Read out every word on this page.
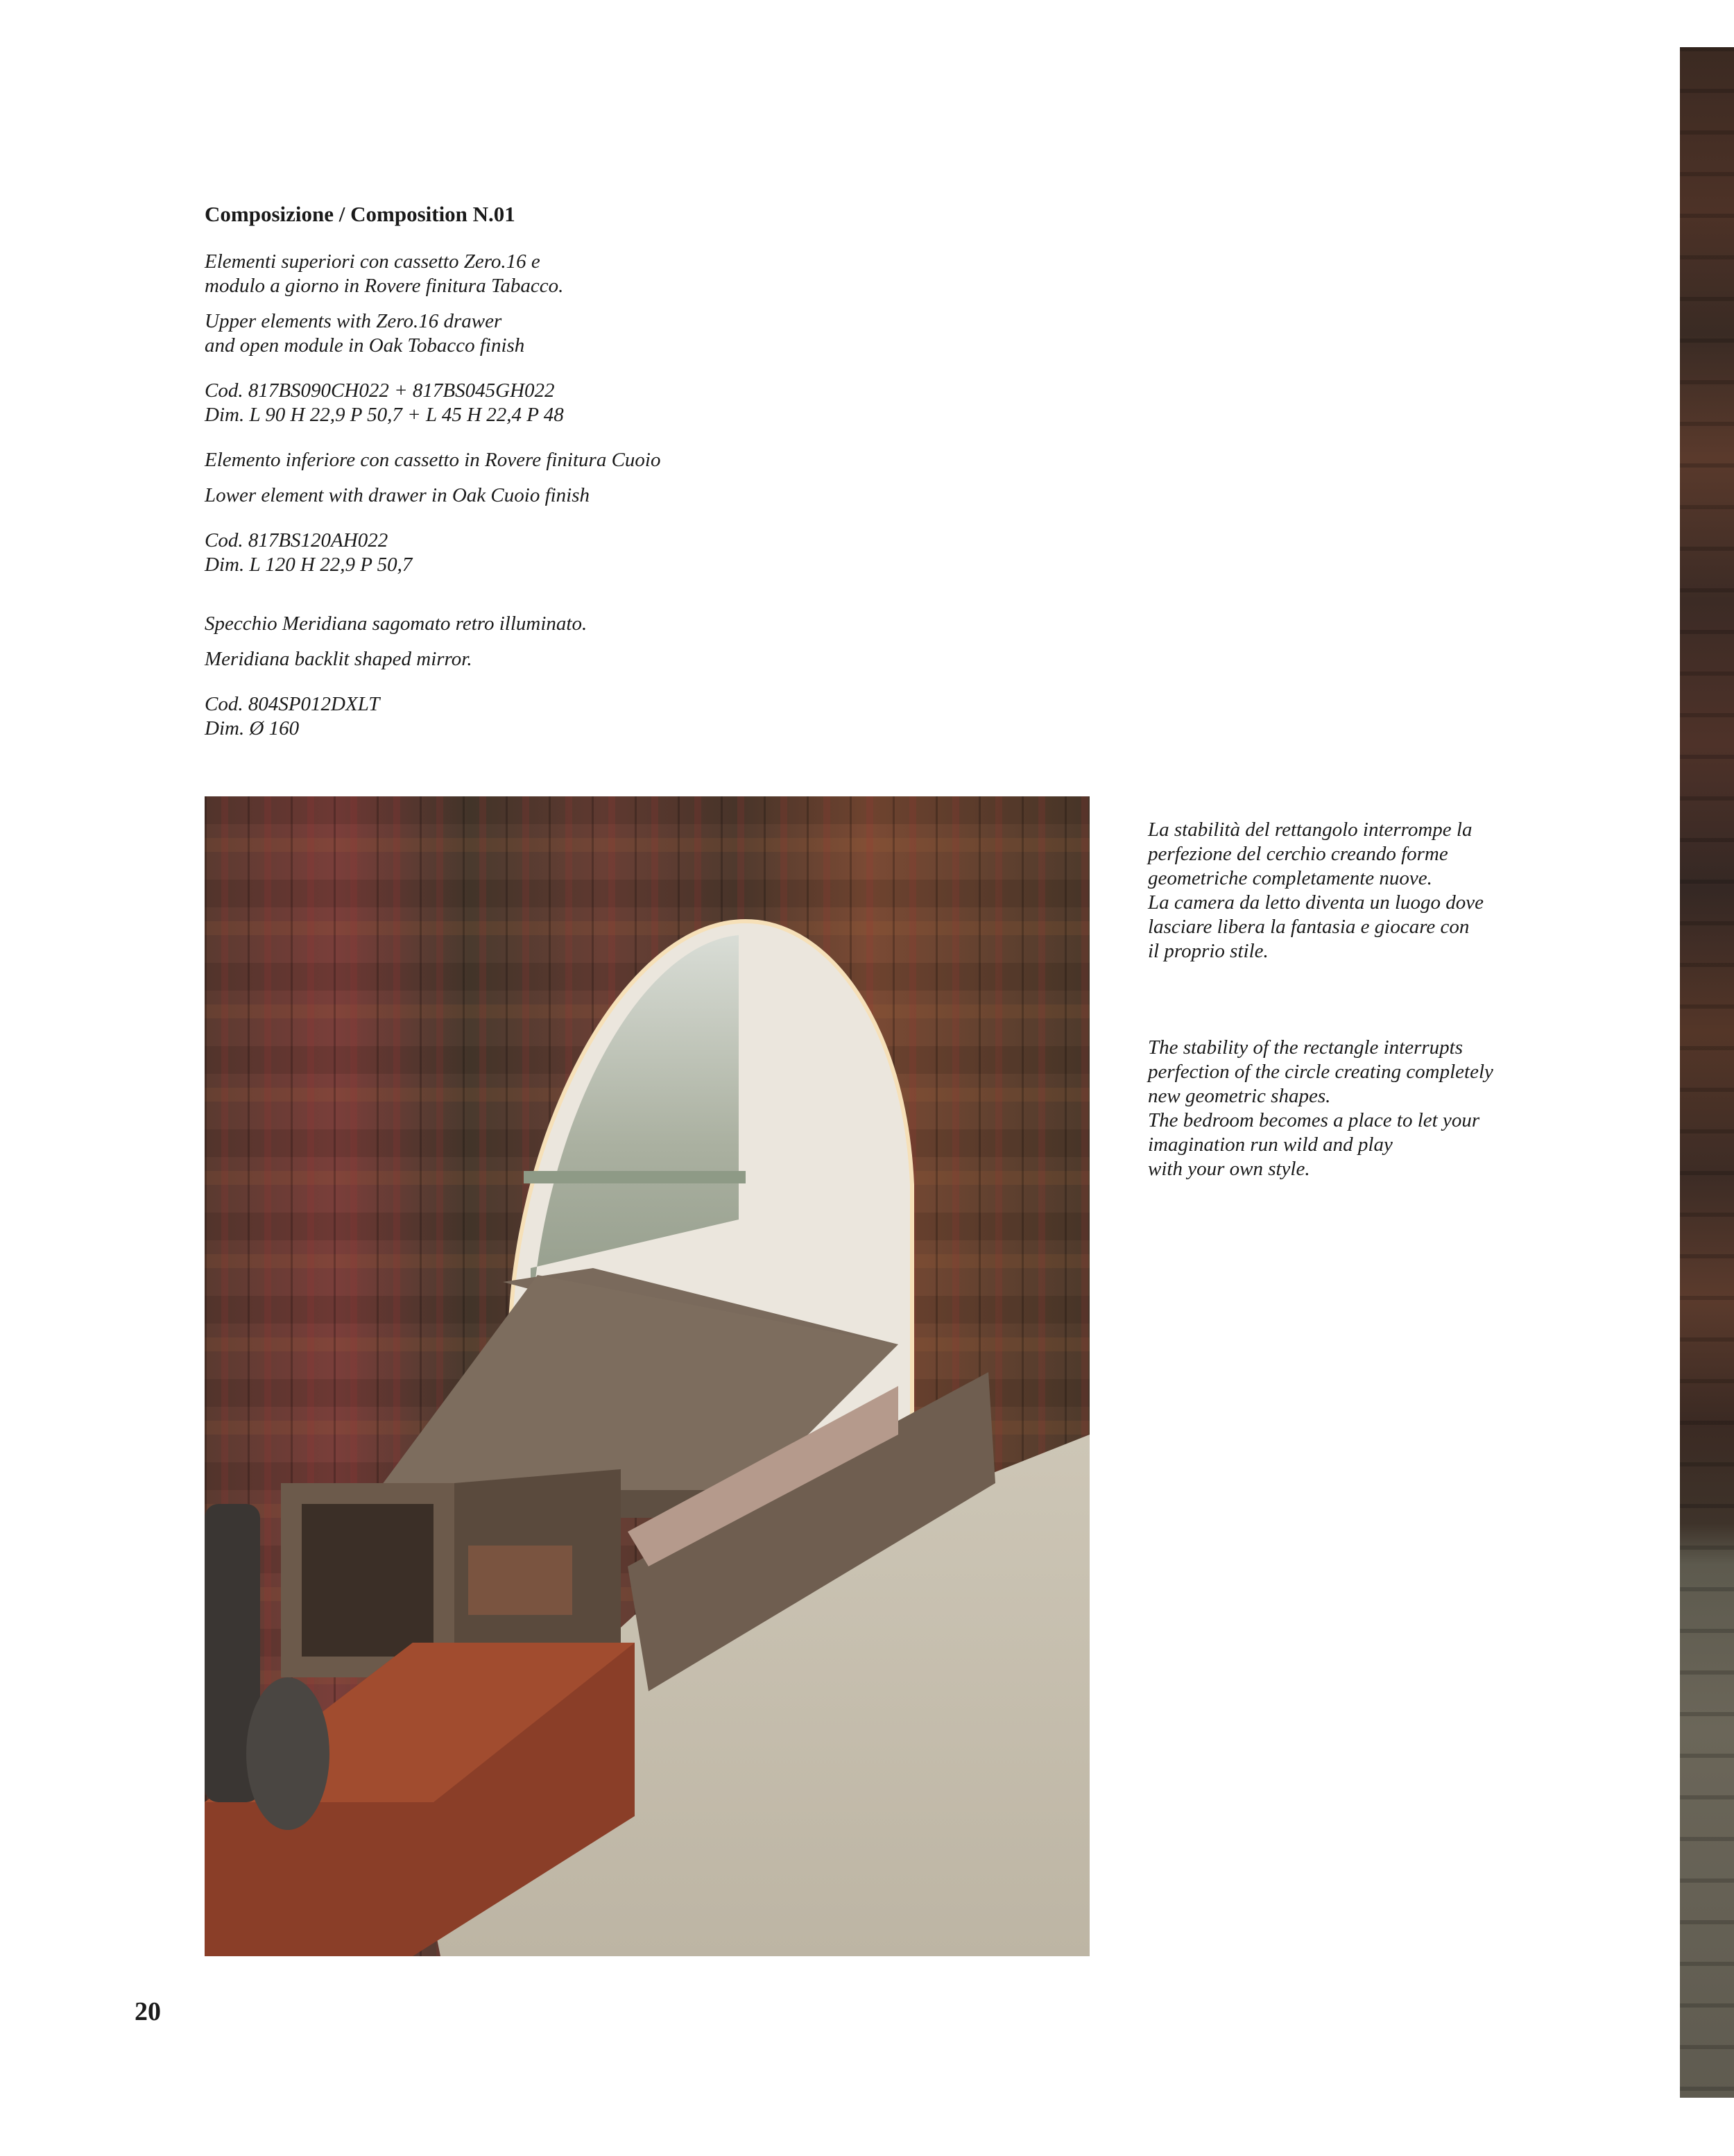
Composizione / Composition N.01

Elementi superiori con cassetto Zero.16 e
modulo a giorno in Rovere finitura Tabacco.

Upper elements with Zero.16 drawer
and open module in Oak Tobacco finish

Cod. 817BS090CH022 + 817BS045GH022

Dim. L 90 H 22,9 P 50,7 + L 45 H 22,4 P 48

Elemento inferiore con cassetto in Rovere finitura Cuoio

Lower element with drawer in Oak Cuoio finish

Cod. 817BS120AH022

Dim. L 120 H 22,9 P 50,7

Specchio Meridiana sagomato retro illuminato.

Meridiana backlit shaped mirror.

Cod. 804SP012DXLT

Dim. Ø 160

La stabilità del rettangolo interrompe la
perfezione del cerchio creando forme
geometriche completamente nuove.
La camera da letto diventa un luogo dove
lasciare libera la fantasia e giocare con
il proprio stile.

The stability of the rectangle interrupts
perfection of the circle creating completely
new geometric shapes.
The bedroom becomes a place to let your
imagination run wild and play
with your own style.

20
